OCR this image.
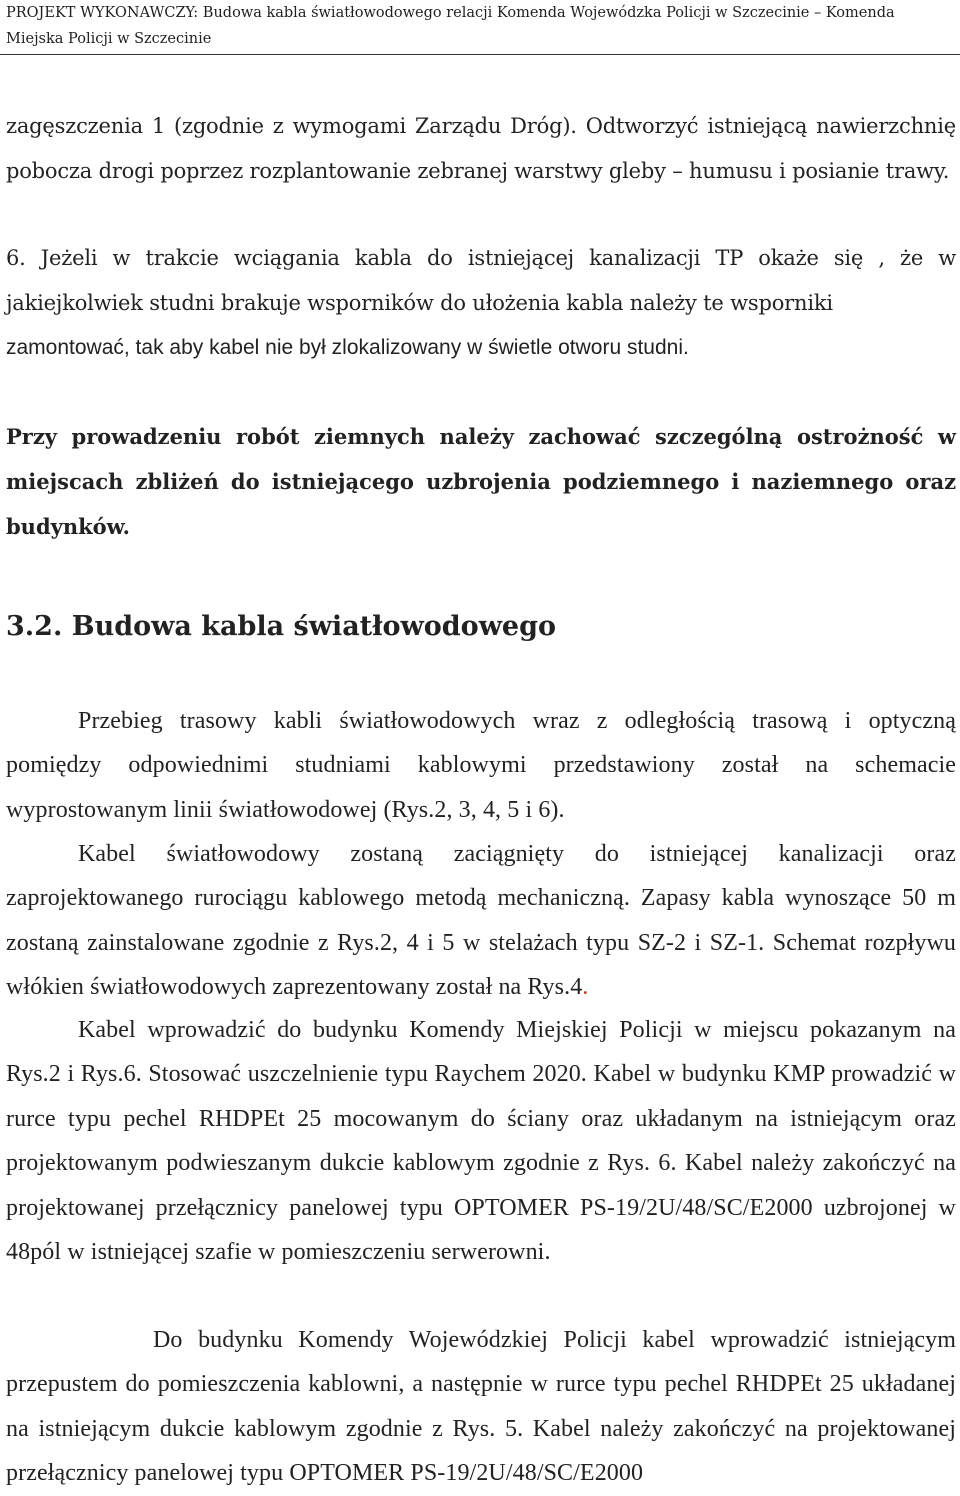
PROJEKT WYKONAWCZY: Budowa kabla światłowodowego relacji Komenda Wojewódzka Policji w Szczecinie – Komenda Miejska Policji w Szczecinie

zagęszczenia 1 (zgodnie z wymogami Zarządu Dróg). Odtworzyć istniejącą nawierzchnię pobocza drogi poprzez rozplantowanie zebranej warstwy gleby – humusu i posianie trawy.

6. Jeżeli w trakcie wciągania kabla do istniejącej kanalizacji TP okaże się , że w jakiejkolwiek studni brakuje wsporników do ułożenia kabla należy te wsporniki

zamontować, tak aby kabel nie był zlokalizowany w świetle otworu studni.

Przy prowadzeniu robót ziemnych należy zachować szczególną ostrożność w miejscach zbliżeń do istniejącego uzbrojenia podziemnego i naziemnego oraz budynków.

3.2. Budowa kabla światłowodowego

Przebieg trasowy kabli światłowodowych wraz z odległością trasową i optyczną pomiędzy odpowiednimi studniami kablowymi przedstawiony został na schemacie wyprostowanym linii światłowodowej (Rys.2, 3, 4, 5 i 6).

Kabel światłowodowy zostaną zaciągnięty do istniejącej kanalizacji oraz zaprojektowanego rurociągu kablowego metodą mechaniczną. Zapasy kabla wynoszące 50 m zostaną zainstalowane zgodnie z Rys.2, 4 i 5 w stelażach typu SZ-2 i SZ-1. Schemat rozpływu włókien światłowodowych zaprezentowany został na Rys.4.

Kabel wprowadzić do budynku Komendy Miejskiej Policji w miejscu pokazanym na Rys.2 i Rys.6. Stosować uszczelnienie typu Raychem 2020. Kabel w budynku KMP prowadzić w rurce typu pechel RHDPEt 25 mocowanym do ściany oraz układanym na istniejącym oraz projektowanym podwieszanym dukcie kablowym zgodnie z Rys. 6. Kabel należy zakończyć na projektowanej przełącznicy panelowej typu OPTOMER PS-19/2U/48/SC/E2000 uzbrojonej w 48pól w istniejącej szafie w pomieszczeniu serwerowni.

Do budynku Komendy Wojewódzkiej Policji kabel wprowadzić istniejącym przepustem do pomieszczenia kablowni, a następnie w rurce typu pechel RHDPEt 25 układanej na istniejącym dukcie kablowym zgodnie z Rys. 5. Kabel należy zakończyć na projektowanej przełącznicy panelowej typu OPTOMER PS-19/2U/48/SC/E2000
